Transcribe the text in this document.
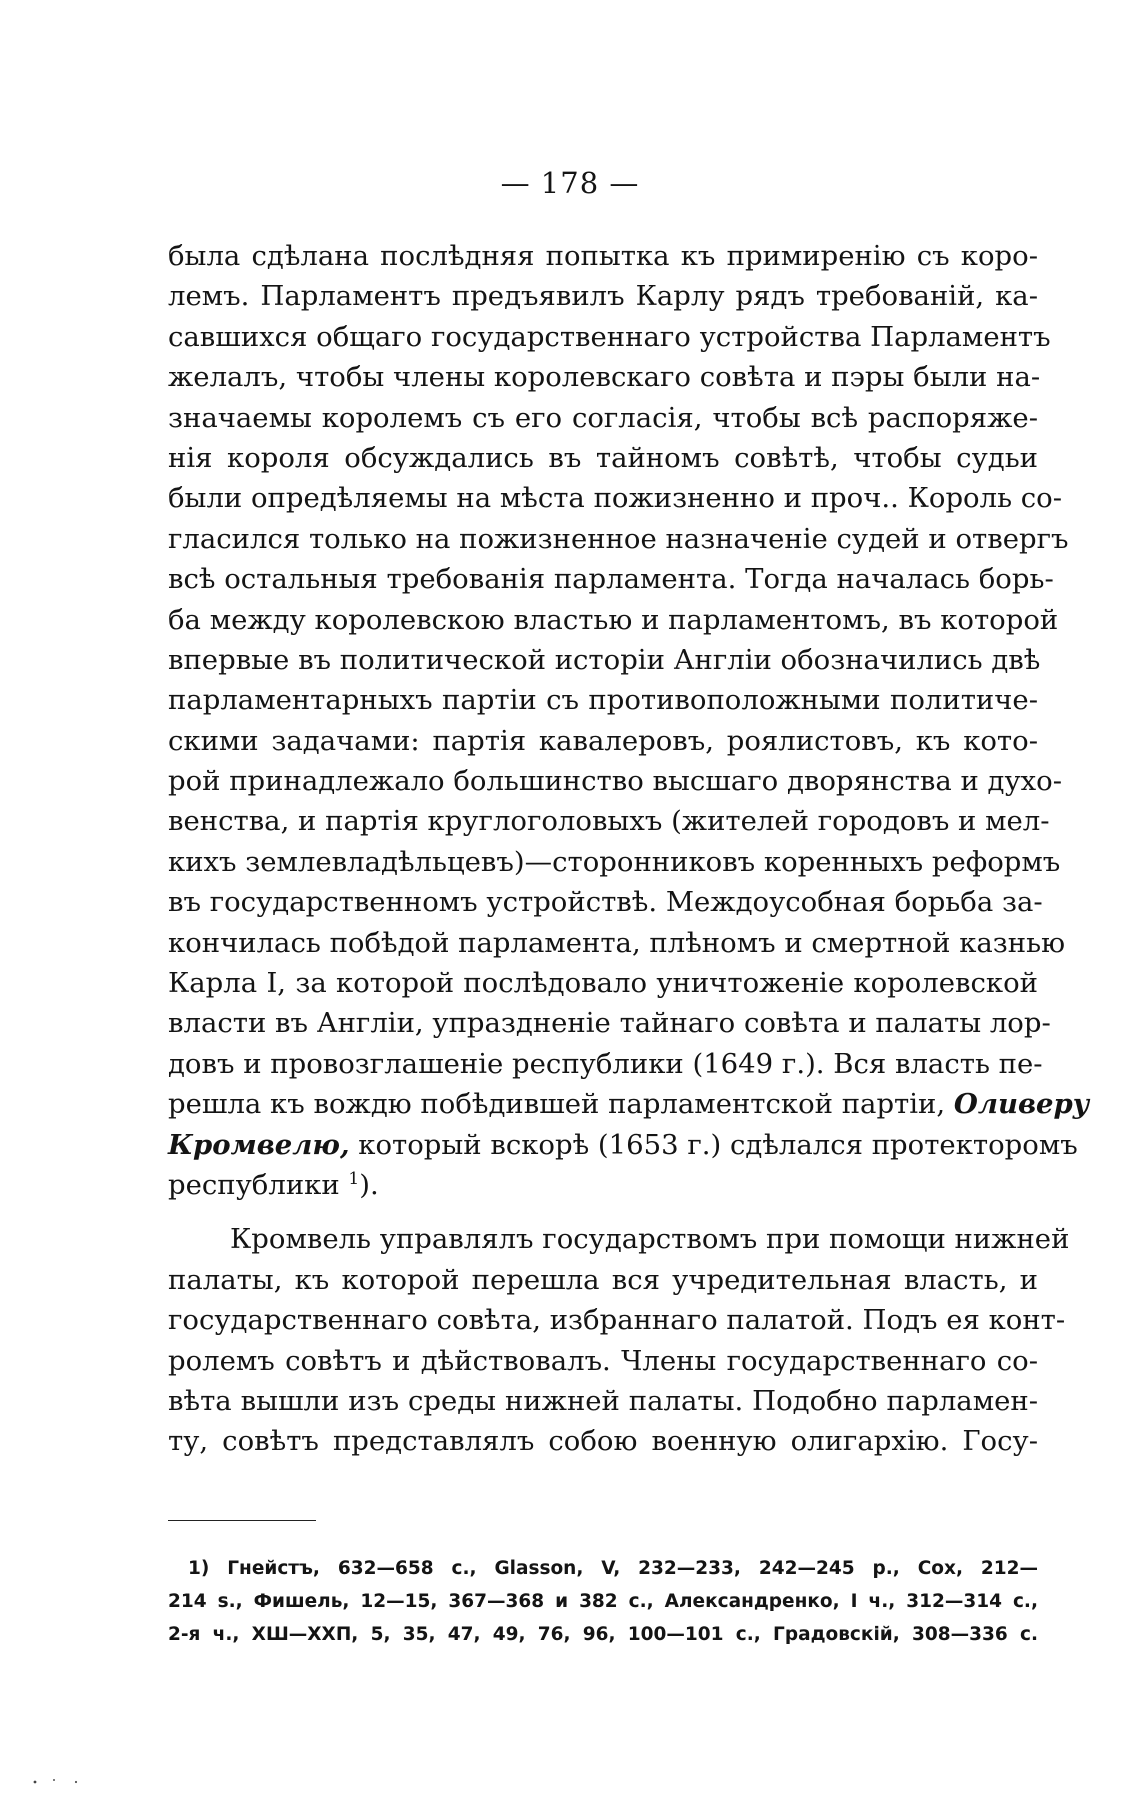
— 178 —
была сдѣлана послѣдняя попытка къ примиренію съ коро-
лемъ. Парламентъ предъявилъ Карлу рядъ требованій, ка-
савшихся общаго государственнаго устройства Парламентъ
желалъ, чтобы члены королевскаго совѣта и пэры были на-
значаемы королемъ съ его согласія, чтобы всѣ распоряже-
нія короля обсуждались въ тайномъ совѣтѣ, чтобы судьи
были опредѣляемы на мѣста пожизненно и проч.. Король со-
гласился только на пожизненное назначеніе судей и отвергъ
всѣ остальныя требованія парламента. Тогда началась борь-
ба между королевскою властью и парламентомъ, въ которой
впервые въ политической исторіи Англіи обозначились двѣ
парламентарныхъ партіи съ противоположными политиче-
скими задачами: партія кавалеровъ, роялистовъ, къ кото-
рой принадлежало большинство высшаго дворянства и духо-
венства, и партія круглоголовыхъ (жителей городовъ и мел-
кихъ землевладѣльцевъ)—сторонниковъ коренныхъ реформъ
въ государственномъ устройствѣ. Междоусобная борьба за-
кончилась побѣдой парламента, плѣномъ и смертной казнью
Карла I, за которой послѣдовало уничтоженіе королевской
власти въ Англіи, упраздненіе тайнаго совѣта и палаты лор-
довъ и провозглашеніе республики (1649 г.). Вся власть пе-
решла къ вождю побѣдившей парламентской партіи, Оливеру
Кромвелю, который вскорѣ (1653 г.) сдѣлался протекторомъ
республики $^1$).
Кромвель управлялъ государствомъ при помощи нижней
палаты, къ которой перешла вся учредительная власть, и
государственнаго совѣта, избраннаго палатой. Подъ ея конт-
ролемъ совѣтъ и дѣйствовалъ. Члены государственнаго со-
вѣта вышли изъ среды нижней палаты. Подобно парламен-
ту, совѣтъ представлялъ собою военную олигархію. Госу-
1) Гнейстъ, 632—658 с., Glasson, V, 232—233, 242—245 р., Cox, 212—
214 s., Фишель, 12—15, 367—368 и 382 с., Александренко, I ч., 312—314 с.,
2-я ч., ХШ—ХХП, 5, 35, 47, 49, 76, 96, 100—101 с., Градовскій, 308—336 с.
